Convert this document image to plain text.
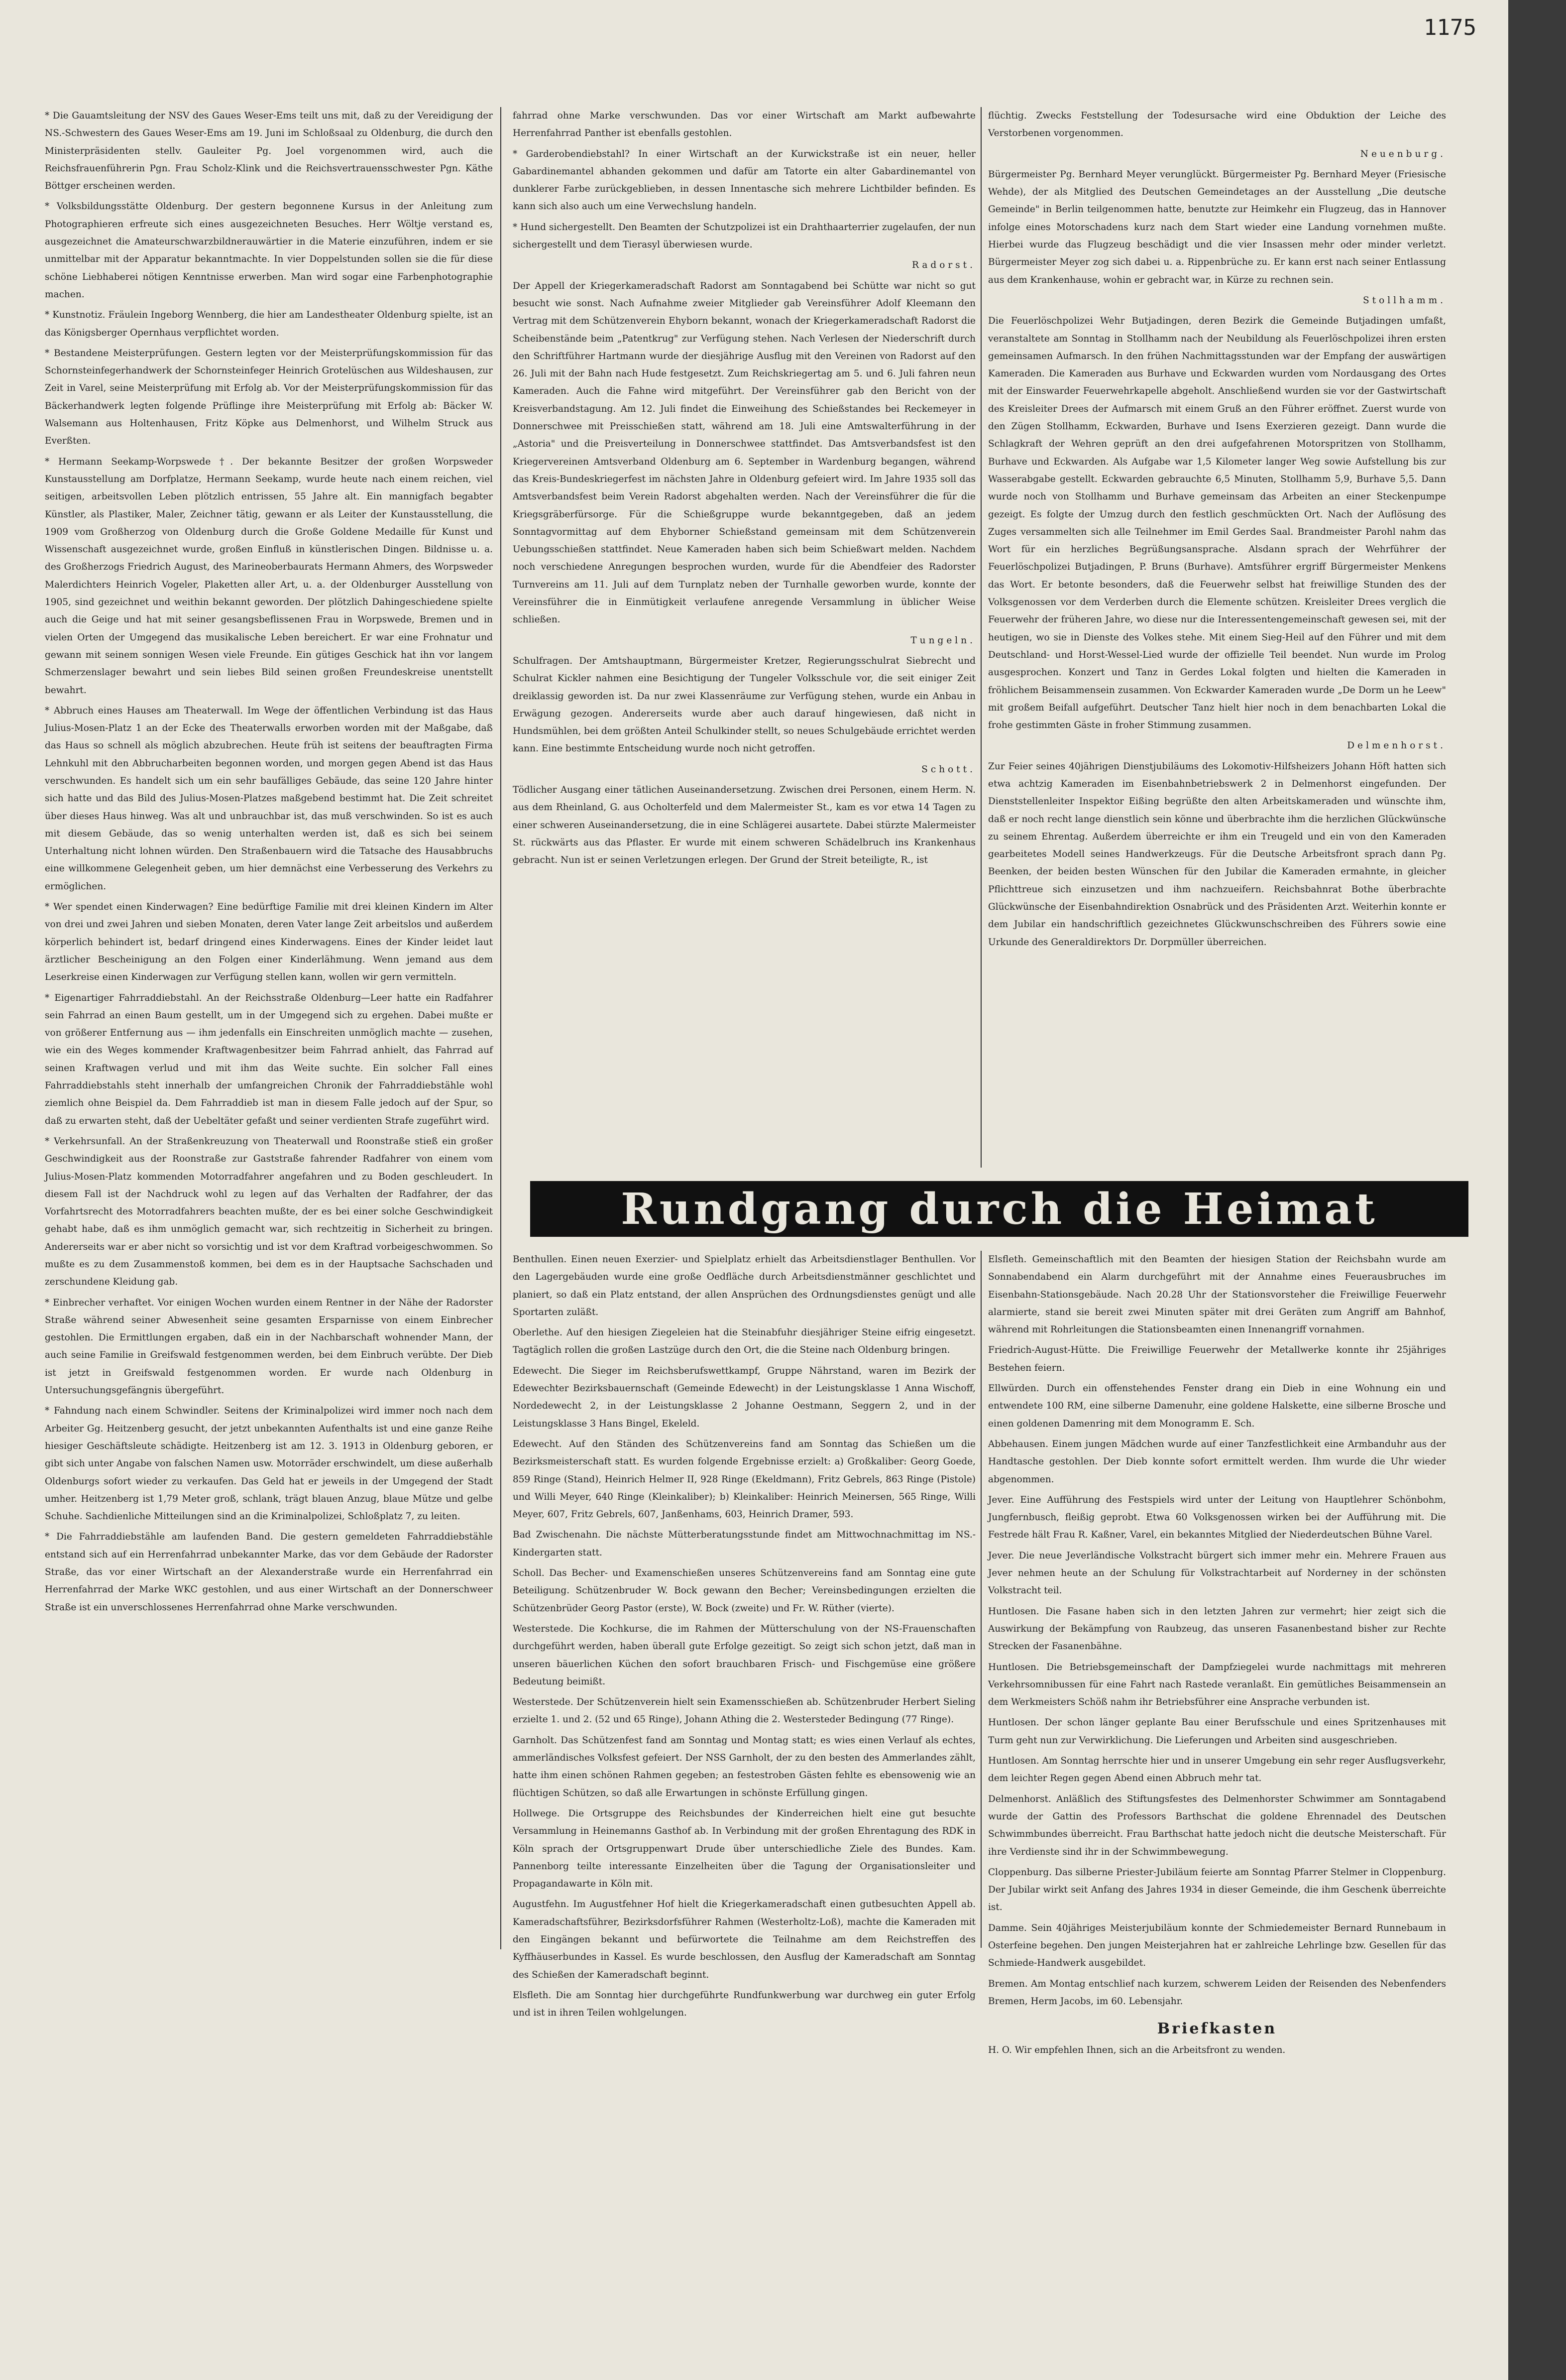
1175

* Die Gauamtsleitung der NSV des Gaues Weser-Ems teilt uns mit, daß zu der Vereidigung der NS.-Schwestern des Gaues Weser-Ems am 19. Juni im Schloßsaal zu Oldenburg, die durch den Ministerpräsidenten stellv. Gauleiter Pg. Joel vorgenommen wird, auch die Reichsfrauenführerin Pgn. Frau Scholz-Klink und die Reichsvertrauensschwester Pgn. Käthe Böttger erscheinen werden.

* Volksbildungsstätte Oldenburg. Der gestern begonnene Kursus in der Anleitung zum Photographieren erfreute sich eines ausgezeichneten Besuches. Herr Wöltje verstand es, ausgezeichnet die Amateurschwarzbildnerauwärtier in die Materie einzuführen, indem er sie unmittelbar mit der Apparatur bekanntmachte. In vier Doppelstunden sollen sie die für diese schöne Liebhaberei nötigen Kenntnisse erwerben. Man wird sogar eine Farbenphotographie machen.

* Kunstnotiz. Fräulein Ingeborg Wennberg, die hier am Landestheater Oldenburg spielte, ist an das Königsberger Opernhaus verpflichtet worden.

* Bestandene Meisterprüfungen. Gestern legten vor der Meisterprüfungskommission für das Schornsteinfegerhandwerk der Schornsteinfeger Heinrich Grotelüschen aus Wildeshausen, zur Zeit in Varel, seine Meisterprüfung mit Erfolg ab. Vor der Meisterprüfungskommission für das Bäckerhandwerk legten folgende Prüflinge ihre Meisterprüfung mit Erfolg ab: Bäcker W. Walsemann aus Holtenhausen, Fritz Köpke aus Delmenhorst, und Wilhelm Struck aus Everßten.

* Hermann Seekamp-Worpswede †. Der bekannte Besitzer der großen Worpsweder Kunstausstellung am Dorfplatze, Hermann Seekamp, wurde heute nach einem reichen, viel seitigen, arbeitsvollen Leben plötzlich entrissen, 55 Jahre alt. Ein mannigfach begabter Künstler, als Plastiker, Maler, Zeichner tätig, gewann er als Leiter der Kunstausstellung, die 1909 vom Großherzog von Oldenburg durch die Große Goldene Medaille für Kunst und Wissenschaft ausgezeichnet wurde, großen Einfluß in künstlerischen Dingen. Bildnisse u. a. des Großherzogs Friedrich August, des Marineoberbaurats Hermann Ahmers, des Worpsweder Malerdichters Heinrich Vogeler, Plaketten aller Art, u. a. der Oldenburger Ausstellung von 1905, sind gezeichnet und weithin bekannt geworden. Der plötzlich Dahingeschiedene spielte auch die Geige und hat mit seiner gesangsbeflissenen Frau in Worpswede, Bremen und in vielen Orten der Umgegend das musikalische Leben bereichert. Er war eine Frohnatur und gewann mit seinem sonnigen Wesen viele Freunde. Ein gütiges Geschick hat ihn vor langem Schmerzenslager bewahrt und sein liebes Bild seinen großen Freundeskreise unentstellt bewahrt.

* Abbruch eines Hauses am Theaterwall. Im Wege der öffentlichen Verbindung ist das Haus Julius-Mosen-Platz 1 an der Ecke des Theaterwalls erworben worden mit der Maßgabe, daß das Haus so schnell als möglich abzubrechen. Heute früh ist seitens der beauftragten Firma Lehnkuhl mit den Abbrucharbeiten begonnen worden, und morgen gegen Abend ist das Haus verschwunden. Es handelt sich um ein sehr baufälliges Gebäude, das seine 120 Jahre hinter sich hatte und das Bild des Julius-Mosen-Platzes maßgebend bestimmt hat. Die Zeit schreitet über dieses Haus hinweg. Was alt und unbrauchbar ist, das muß verschwinden. So ist es auch mit diesem Gebäude, das so wenig unterhalten werden ist, daß es sich bei seinem Unterhaltung nicht lohnen würden. Den Straßenbauern wird die Tatsache des Hausabbruchs eine willkommene Gelegenheit geben, um hier demnächst eine Verbesserung des Verkehrs zu ermöglichen.

* Wer spendet einen Kinderwagen? Eine bedürftige Familie mit drei kleinen Kindern im Alter von drei und zwei Jahren und sieben Monaten, deren Vater lange Zeit arbeitslos und außerdem körperlich behindert ist, bedarf dringend eines Kinderwagens. Eines der Kinder leidet laut ärztlicher Bescheinigung an den Folgen einer Kinderlähmung. Wenn jemand aus dem Leserkreise einen Kinderwagen zur Verfügung stellen kann, wollen wir gern vermitteln.

* Eigenartiger Fahrraddiebstahl. An der Reichsstraße Oldenburg—Leer hatte ein Radfahrer sein Fahrrad an einen Baum gestellt, um in der Umgegend sich zu ergehen. Dabei mußte er von größerer Entfernung aus — ihm jedenfalls ein Einschreiten unmöglich machte — zusehen, wie ein des Weges kommender Kraftwagenbesitzer beim Fahrrad anhielt, das Fahrrad auf seinen Kraftwagen verlud und mit ihm das Weite suchte. Ein solcher Fall eines Fahrraddiebstahls steht innerhalb der umfangreichen Chronik der Fahrraddiebstähle wohl ziemlich ohne Beispiel da. Dem Fahrraddieb ist man in diesem Falle jedoch auf der Spur, so daß zu erwarten steht, daß der Uebeltäter gefaßt und seiner verdienten Strafe zugeführt wird.

* Verkehrsunfall. An der Straßenkreuzung von Theaterwall und Roonstraße stieß ein großer Geschwindigkeit aus der Roonstraße zur Gaststraße fahrender Radfahrer von einem vom Julius-Mosen-Platz kommenden Motorradfahrer angefahren und zu Boden geschleudert. In diesem Fall ist der Nachdruck wohl zu legen auf das Verhalten der Radfahrer, der das Vorfahrtsrecht des Motorradfahrers beachten mußte, der es bei einer solche Geschwindigkeit gehabt habe, daß es ihm unmöglich gemacht war, sich rechtzeitig in Sicherheit zu bringen. Andererseits war er aber nicht so vorsichtig und ist vor dem Kraftrad vorbeigeschwommen. So mußte es zu dem Zusammenstoß kommen, bei dem es in der Hauptsache Sachschaden und zerschundene Kleidung gab.

* Einbrecher verhaftet. Vor einigen Wochen wurden einem Rentner in der Nähe der Radorster Straße während seiner Abwesenheit seine gesamten Ersparnisse von einem Einbrecher gestohlen. Die Ermittlungen ergaben, daß ein in der Nachbarschaft wohnender Mann, der auch seine Familie in Greifswald festgenommen werden, bei dem Einbruch verübte. Der Dieb ist jetzt in Greifswald festgenommen worden. Er wurde nach Oldenburg in Untersuchungsgefängnis übergeführt.

* Fahndung nach einem Schwindler. Seitens der Kriminalpolizei wird immer noch nach dem Arbeiter Gg. Heitzenberg gesucht, der jetzt unbekannten Aufenthalts ist und eine ganze Reihe hiesiger Geschäftsleute schädigte. Heitzenberg ist am 12. 3. 1913 in Oldenburg geboren, er gibt sich unter Angabe von falschen Namen usw. Motorräder erschwindelt, um diese außerhalb Oldenburgs sofort wieder zu verkaufen. Das Geld hat er jeweils in der Umgegend der Stadt umher. Heitzenberg ist 1,79 Meter groß, schlank, trägt blauen Anzug, blaue Mütze und gelbe Schuhe. Sachdienliche Mitteilungen sind an die Kriminalpolizei, Schloßplatz 7, zu leiten.

* Die Fahrraddiebstähle am laufenden Band. Die gestern gemeldeten Fahrraddiebstähle entstand sich auf ein Herrenfahrrad unbekannter Marke, das vor dem Gebäude der Radorster Straße, das vor einer Wirtschaft an der Alexanderstraße wurde ein Herrenfahrrad ein Herrenfahrrad der Marke WKC gestohlen, und aus einer Wirtschaft an der Donnerschweer Straße ist ein unverschlossenes Herrenfahrrad ohne Marke verschwunden.

fahrrad ohne Marke verschwunden. Das vor einer Wirtschaft am Markt aufbewahrte Herrenfahrrad Panther ist ebenfalls gestohlen.

* Garderobendiebstahl? In einer Wirtschaft an der Kurwickstraße ist ein neuer, heller Gabardinemantel abhanden gekommen und dafür am Tatorte ein alter Gabardinemantel von dunklerer Farbe zurückgeblieben, in dessen Innentasche sich mehrere Lichtbilder befinden. Es kann sich also auch um eine Verwechslung handeln.

* Hund sichergestellt. Den Beamten der Schutzpolizei ist ein Drahthaarterrier zugelaufen, der nun sichergestellt und dem Tierasyl überwiesen wurde.

Radorst.

Der Appell der Kriegerkameradschaft Radorst am Sonntagabend bei Schütte war nicht so gut besucht wie sonst. Nach Aufnahme zweier Mitglieder gab Vereinsführer Adolf Kleemann den Vertrag mit dem Schützenverein Ehyborn bekannt, wonach der Kriegerkameradschaft Radorst die Scheibenstände beim „Patentkrug" zur Verfügung stehen. Nach Verlesen der Niederschrift durch den Schriftführer Hartmann wurde der diesjährige Ausflug mit den Vereinen von Radorst auf den 26. Juli mit der Bahn nach Hude festgesetzt. Zum Reichskriegertag am 5. und 6. Juli fahren neun Kameraden. Auch die Fahne wird mitgeführt. Der Vereinsführer gab den Bericht von der Kreisverbandstagung. Am 12. Juli findet die Einweihung des Schießstandes bei Reckemeyer in Donnerschwee mit Preisschießen statt, während am 18. Juli eine Amtswalterführung in der „Astoria" und die Preisverteilung in Donnerschwee stattfindet. Das Amtsverbandsfest ist den Kriegervereinen Amtsverband Oldenburg am 6. September in Wardenburg begangen, während das Kreis-Bundeskriegerfest im nächsten Jahre in Oldenburg gefeiert wird. Im Jahre 1935 soll das Amtsverbandsfest beim Verein Radorst abgehalten werden. Nach der Vereinsführer die für die Kriegsgräberfürsorge. Für die Schießgruppe wurde bekanntgegeben, daß an jedem Sonntagvormittag auf dem Ehyborner Schießstand gemeinsam mit dem Schützenverein Uebungsschießen stattfindet. Neue Kameraden haben sich beim Schießwart melden. Nachdem noch verschiedene Anregungen besprochen wurden, wurde für die Abendfeier des Radorster Turnvereins am 11. Juli auf dem Turnplatz neben der Turnhalle geworben wurde, konnte der Vereinsführer die in Einmütigkeit verlaufene anregende Versammlung in üblicher Weise schließen.

Tungeln.

Schulfragen. Der Amtshauptmann, Bürgermeister Kretzer, Regierungsschulrat Siebrecht und Schulrat Kickler nahmen eine Besichtigung der Tungeler Volksschule vor, die seit einiger Zeit dreiklassig geworden ist. Da nur zwei Klassenräume zur Verfügung stehen, wurde ein Anbau in Erwägung gezogen. Andererseits wurde aber auch darauf hingewiesen, daß nicht in Hundsmühlen, bei dem größten Anteil Schulkinder stellt, so neues Schulgebäude errichtet werden kann. Eine bestimmte Entscheidung wurde noch nicht getroffen.

Schott.

Tödlicher Ausgang einer tätlichen Auseinandersetzung. Zwischen drei Personen, einem Herm. N. aus dem Rheinland, G. aus Ocholterfeld und dem Malermeister St., kam es vor etwa 14 Tagen zu einer schweren Auseinandersetzung, die in eine Schlägerei ausartete. Dabei stürzte Malermeister St. rückwärts aus das Pflaster. Er wurde mit einem schweren Schädelbruch ins Krankenhaus gebracht. Nun ist er seinen Verletzungen erlegen. Der Grund der Streit beteiligte, R., ist

flüchtig. Zwecks Feststellung der Todesursache wird eine Obduktion der Leiche des Verstorbenen vorgenommen.

Neuenburg.

Bürgermeister Pg. Bernhard Meyer verunglückt. Bürgermeister Pg. Bernhard Meyer (Friesische Wehde), der als Mitglied des Deutschen Gemeindetages an der Ausstellung „Die deutsche Gemeinde" in Berlin teilgenommen hatte, benutzte zur Heimkehr ein Flugzeug, das in Hannover infolge eines Motorschadens kurz nach dem Start wieder eine Landung vornehmen mußte. Hierbei wurde das Flugzeug beschädigt und die vier Insassen mehr oder minder verletzt. Bürgermeister Meyer zog sich dabei u. a. Rippenbrüche zu. Er kann erst nach seiner Entlassung aus dem Krankenhause, wohin er gebracht war, in Kürze zu rechnen sein.

Stollhamm.

Die Feuerlöschpolizei Wehr Butjadingen, deren Bezirk die Gemeinde Butjadingen umfaßt, veranstaltete am Sonntag in Stollhamm nach der Neubildung als Feuerlöschpolizei ihren ersten gemeinsamen Aufmarsch. In den frühen Nachmittagsstunden war der Empfang der auswärtigen Kameraden. Die Kameraden aus Burhave und Eckwarden wurden vom Nordausgang des Ortes mit der Einswarder Feuerwehrkapelle abgeholt. Anschließend wurden sie vor der Gastwirtschaft des Kreisleiter Drees der Aufmarsch mit einem Gruß an den Führer eröffnet. Zuerst wurde von den Zügen Stollhamm, Eckwarden, Burhave und Isens Exerzieren gezeigt. Dann wurde die Schlagkraft der Wehren geprüft an den drei aufgefahrenen Motorspritzen von Stollhamm, Burhave und Eckwarden. Als Aufgabe war 1,5 Kilometer langer Weg sowie Aufstellung bis zur Wasserabgabe gestellt. Eckwarden gebrauchte 6,5 Minuten, Stollhamm 5,9, Burhave 5,5. Dann wurde noch von Stollhamm und Burhave gemeinsam das Arbeiten an einer Steckenpumpe gezeigt. Es folgte der Umzug durch den festlich geschmückten Ort. Nach der Auflösung des Zuges versammelten sich alle Teilnehmer im Emil Gerdes Saal. Brandmeister Parohl nahm das Wort für ein herzliches Begrüßungsansprache. Alsdann sprach der Wehrführer der Feuerlöschpolizei Butjadingen, P. Bruns (Burhave). Amtsführer ergriff Bürgermeister Menkens das Wort. Er betonte besonders, daß die Feuerwehr selbst hat freiwillige Stunden des der Volksgenossen vor dem Verderben durch die Elemente schützen. Kreisleiter Drees verglich die Feuerwehr der früheren Jahre, wo diese nur die Interessentengemeinschaft gewesen sei, mit der heutigen, wo sie in Dienste des Volkes stehe. Mit einem Sieg-Heil auf den Führer und mit dem Deutschland- und Horst-Wessel-Lied wurde der offizielle Teil beendet. Nun wurde im Prolog ausgesprochen. Konzert und Tanz in Gerdes Lokal folgten und hielten die Kameraden in fröhlichem Beisammensein zusammen. Von Eckwarder Kameraden wurde „De Dorm un he Leew" mit großem Beifall aufgeführt. Deutscher Tanz hielt hier noch in dem benachbarten Lokal die frohe gestimmten Gäste in froher Stimmung zusammen.

Delmenhorst.

Zur Feier seines 40jährigen Dienstjubiläums des Lokomotiv-Hilfsheizers Johann Höft hatten sich etwa achtzig Kameraden im Eisenbahnbetriebswerk 2 in Delmenhorst eingefunden. Der Dienststellenleiter Inspektor Eißing begrüßte den alten Arbeitskameraden und wünschte ihm, daß er noch recht lange dienstlich sein könne und überbrachte ihm die herzlichen Glückwünsche zu seinem Ehrentag. Außerdem überreichte er ihm ein Treugeld und ein von den Kameraden gearbeitetes Modell seines Handwerkzeugs. Für die Deutsche Arbeitsfront sprach dann Pg. Beenken, der beiden besten Wünschen für den Jubilar die Kameraden ermahnte, in gleicher Pflichttreue sich einzusetzen und ihm nachzueifern. Reichsbahnrat Bothe überbrachte Glückwünsche der Eisenbahndirektion Osnabrück und des Präsidenten Arzt. Weiterhin konnte er dem Jubilar ein handschriftlich gezeichnetes Glückwunschschreiben des Führers sowie eine Urkunde des Generaldirektors Dr. Dorpmüller überreichen.

Rundgang durch die Heimat

Benthullen. Einen neuen Exerzier- und Spielplatz erhielt das Arbeitsdienstlager Benthullen. Vor den Lagergebäuden wurde eine große Oedfläche durch Arbeitsdienstmänner geschlichtet und planiert, so daß ein Platz entstand, der allen Ansprüchen des Ordnungsdienstes genügt und alle Sportarten zuläßt.

Oberlethe. Auf den hiesigen Ziegeleien hat die Steinabfuhr diesjähriger Steine eifrig eingesetzt. Tagtäglich rollen die großen Lastzüge durch den Ort, die die Steine nach Oldenburg bringen.

Edewecht. Die Sieger im Reichsberufswettkampf, Gruppe Nährstand, waren im Bezirk der Edewechter Bezirksbauernschaft (Gemeinde Edewecht) in der Leistungsklasse 1 Anna Wischoff, Nordedewecht 2, in der Leistungsklasse 2 Johanne Oestmann, Seggern 2, und in der Leistungsklasse 3 Hans Bingel, Ekeleld.

Edewecht. Auf den Ständen des Schützenvereins fand am Sonntag das Schießen um die Bezirksmeisterschaft statt. Es wurden folgende Ergebnisse erzielt: a) Großkaliber: Georg Goede, 859 Ringe (Stand), Heinrich Helmer II, 928 Ringe (Ekeldmann), Fritz Gebrels, 863 Ringe (Pistole) und Willi Meyer, 640 Ringe (Kleinkaliber); b) Kleinkaliber: Heinrich Meinersen, 565 Ringe, Willi Meyer, 607, Fritz Gebrels, 607, Janßenhams, 603, Heinrich Dramer, 593.

Bad Zwischenahn. Die nächste Mütterberatungsstunde findet am Mittwochnachmittag im NS.-Kindergarten statt.

Scholl. Das Becher- und Examenschießen unseres Schützenvereins fand am Sonntag eine gute Beteiligung. Schützenbruder W. Bock gewann den Becher; Vereinsbedingungen erzielten die Schützenbrüder Georg Pastor (erste), W. Bock (zweite) und Fr. W. Rüther (vierte).

Westerstede. Die Kochkurse, die im Rahmen der Mütterschulung von der NS-Frauenschaften durchgeführt werden, haben überall gute Erfolge gezeitigt. So zeigt sich schon jetzt, daß man in unseren bäuerlichen Küchen den sofort brauchbaren Frisch- und Fischgemüse eine größere Bedeutung beimißt.

Westerstede. Der Schützenverein hielt sein Examensschießen ab. Schützenbruder Herbert Sieling erzielte 1. und 2. (52 und 65 Ringe), Johann Athing die 2. Westersteder Bedingung (77 Ringe).

Garnholt. Das Schützenfest fand am Sonntag und Montag statt; es wies einen Verlauf als echtes, ammerländisches Volksfest gefeiert. Der NSS Garnholt, der zu den besten des Ammerlandes zählt, hatte ihm einen schönen Rahmen gegeben; an festestroben Gästen fehlte es ebensowenig wie an flüchtigen Schützen, so daß alle Erwartungen in schönste Erfüllung gingen.

Hollwege. Die Ortsgruppe des Reichsbundes der Kinderreichen hielt eine gut besuchte Versammlung in Heinemanns Gasthof ab. In Verbindung mit der großen Ehrentagung des RDK in Köln sprach der Ortsgruppenwart Drude über unterschiedliche Ziele des Bundes. Kam. Pannenborg teilte interessante Einzelheiten über die Tagung der Organisationsleiter und Propagandawarte in Köln mit.

Augustfehn. Im Augustfehner Hof hielt die Kriegerkameradschaft einen gutbesuchten Appell ab. Kameradschaftsführer, Bezirksdorfsführer Rahmen (Westerholtz-Loß), machte die Kameraden mit den Eingängen bekannt und befürwortete die Teilnahme am dem Reichstreffen des Kyffhäuserbundes in Kassel. Es wurde beschlossen, den Ausflug der Kameradschaft am Sonntag des Schießen der Kameradschaft beginnt.

Elsfleth. Die am Sonntag hier durchgeführte Rundfunkwerbung war durchweg ein guter Erfolg und ist in ihren Teilen wohlgelungen.

Elsfleth. Gemeinschaftlich mit den Beamten der hiesigen Station der Reichsbahn wurde am Sonnabendabend ein Alarm durchgeführt mit der Annahme eines Feuerausbruches im Eisenbahn-Stationsgebäude. Nach 20.28 Uhr der Stationsvorsteher die Freiwillige Feuerwehr alarmierte, stand sie bereit zwei Minuten später mit drei Geräten zum Angriff am Bahnhof, während mit Rohrleitungen die Stationsbeamten einen Innenangriff vornahmen.

Friedrich-August-Hütte. Die Freiwillige Feuerwehr der Metallwerke konnte ihr 25jähriges Bestehen feiern.

Ellwürden. Durch ein offenstehendes Fenster drang ein Dieb in eine Wohnung ein und entwendete 100 RM, eine silberne Damenuhr, eine goldene Halskette, eine silberne Brosche und einen goldenen Damenring mit dem Monogramm E. Sch.

Abbehausen. Einem jungen Mädchen wurde auf einer Tanzfestlichkeit eine Armbanduhr aus der Handtasche gestohlen. Der Dieb konnte sofort ermittelt werden. Ihm wurde die Uhr wieder abgenommen.

Jever. Eine Aufführung des Festspiels wird unter der Leitung von Hauptlehrer Schönbohm, Jungfernbusch, fleißig geprobt. Etwa 60 Volksgenossen wirken bei der Aufführung mit. Die Festrede hält Frau R. Kaßner, Varel, ein bekanntes Mitglied der Niederdeutschen Bühne Varel.

Jever. Die neue Jeverländische Volkstracht bürgert sich immer mehr ein. Mehrere Frauen aus Jever nehmen heute an der Schulung für Volkstrachtarbeit auf Norderney in der schönsten Volkstracht teil.

Huntlosen. Die Fasane haben sich in den letzten Jahren zur vermehrt; hier zeigt sich die Auswirkung der Bekämpfung von Raubzeug, das unseren Fasanenbestand bisher zur Rechte Strecken der Fasanenbähne.

Huntlosen. Die Betriebsgemeinschaft der Dampfziegelei wurde nachmittags mit mehreren Verkehrsomnibussen für eine Fahrt nach Rastede veranlaßt. Ein gemütliches Beisammensein an dem Werkmeisters Schöß nahm ihr Betriebsführer eine Ansprache verbunden ist.

Huntlosen. Der schon länger geplante Bau einer Berufsschule und eines Spritzenhauses mit Turm geht nun zur Verwirklichung. Die Lieferungen und Arbeiten sind ausgeschrieben.

Huntlosen. Am Sonntag herrschte hier und in unserer Umgebung ein sehr reger Ausflugsverkehr, dem leichter Regen gegen Abend einen Abbruch mehr tat.

Delmenhorst. Anläßlich des Stiftungsfestes des Delmenhorster Schwimmer am Sonntagabend wurde der Gattin des Professors Barthschat die goldene Ehrennadel des Deutschen Schwimmbundes überreicht. Frau Barthschat hatte jedoch nicht die deutsche Meisterschaft. Für ihre Verdienste sind ihr in der Schwimmbewegung.

Cloppenburg. Das silberne Priester-Jubiläum feierte am Sonntag Pfarrer Stelmer in Cloppenburg. Der Jubilar wirkt seit Anfang des Jahres 1934 in dieser Gemeinde, die ihm Geschenk überreichte ist.

Damme. Sein 40jähriges Meisterjubiläum konnte der Schmiedemeister Bernard Runnebaum in Osterfeine begehen. Den jungen Meisterjahren hat er zahlreiche Lehrlinge bzw. Gesellen für das Schmiede-Handwerk ausgebildet.

Bremen. Am Montag entschlief nach kurzem, schwerem Leiden der Reisenden des Nebenfenders Bremen, Herm Jacobs, im 60. Lebensjahr.

Briefkasten

H. O. Wir empfehlen Ihnen, sich an die Arbeitsfront zu wenden.
